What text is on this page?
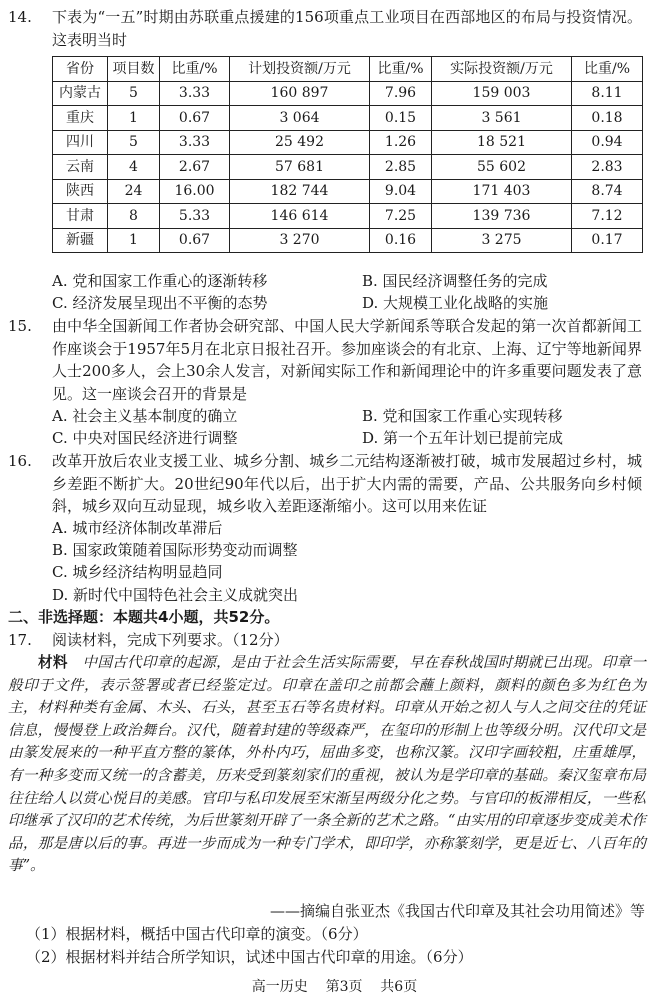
14. 下表为“一五”时期由苏联重点援建的156项重点工业项目在西部地区的布局与投资情况。这表明当时
省份	项目数	比重/%	计划投资额/万元	比重/%	实际投资额/万元	比重/%
内蒙古	5	3.33	160 897	7.96	159 003	8.11
重庆	1	0.67	3 064	0.15	3 561	0.18
四川	5	3.33	25 492	1.26	18 521	0.94
云南	4	2.67	57 681	2.85	55 602	2.83
陕西	24	16.00	182 744	9.04	171 403	8.74
甘肃	8	5.33	146 614	7.25	139 736	7.12
新疆	1	0.67	3 270	0.16	3 275	0.17
A. 党和国家工作重心的逐渐转移	B. 国民经济调整任务的完成
C. 经济发展呈现出不平衡的态势	D. 大规模工业化战略的实施
15. 由中华全国新闻工作者协会研究部、中国人民大学新闻系等联合发起的第一次首都新闻工作座谈会于1957年5月在北京日报社召开。参加座谈会的有北京、上海、辽宁等地新闻界人士200多人，会上30余人发言，对新闻实际工作和新闻理论中的许多重要问题发表了意见。这一座谈会召开的背景是
A. 社会主义基本制度的确立	B. 党和国家工作重心实现转移
C. 中央对国民经济进行调整	D. 第一个五年计划已提前完成
16. 改革开放后农业支援工业、城乡分割、城乡二元结构逐渐被打破，城市发展超过乡村，城乡差距不断扩大。20世纪90年代以后，出于扩大内需的需要，产品、公共服务向乡村倾斜，城乡双向互动显现，城乡收入差距逐渐缩小。这可以用来佐证
A. 城市经济体制改革滞后
B. 国家政策随着国际形势变动而调整
C. 城乡经济结构明显趋同
D. 新时代中国特色社会主义成就突出
二、非选择题：本题共4小题，共52分。
17. 阅读材料，完成下列要求。（12分）
材料　 中国古代印章的起源，是由于社会生活实际需要，早在春秋战国时期就已出现。印章一般印于文件，表示签署或者已经鉴定过。印章在盖印之前都会蘸上颜料，颜料的颜色多为红色为主，材料种类有金属、木头、石头，甚至玉石等名贵材料。印章从开始之初人与人之间交往的凭证信息，慢慢登上政治舞台。汉代，随着封建的等级森严，在玺印的形制上也等级分明。汉代印文是由篆发展来的一种平直方整的篆体，外朴内巧，屈曲多变，也称汉篆。汉印字画较粗，庄重雄厚，有一种多变而又统一的含蓄美，历来受到篆刻家们的重视，被认为是学印章的基础。秦汉玺章布局往往给人以赏心悦目的美感。官印与私印发展至宋渐呈两级分化之势。与官印的板滞相反，一些私印继承了汉印的艺术传统，为后世篆刻开辟了一条全新的艺术之路。“由实用的印章逐步变成美术作品，那是唐以后的事。再进一步而成为一种专门学术，即印学，亦称篆刻学，更是近七、八百年的事”。
——摘编自张亚杰《我国古代印章及其社会功用简述》等
（1）根据材料，概括中国古代印章的演变。（6分）
（2）根据材料并结合所学知识，试述中国古代印章的用途。（6分）
高一历史    第3页    共6页
